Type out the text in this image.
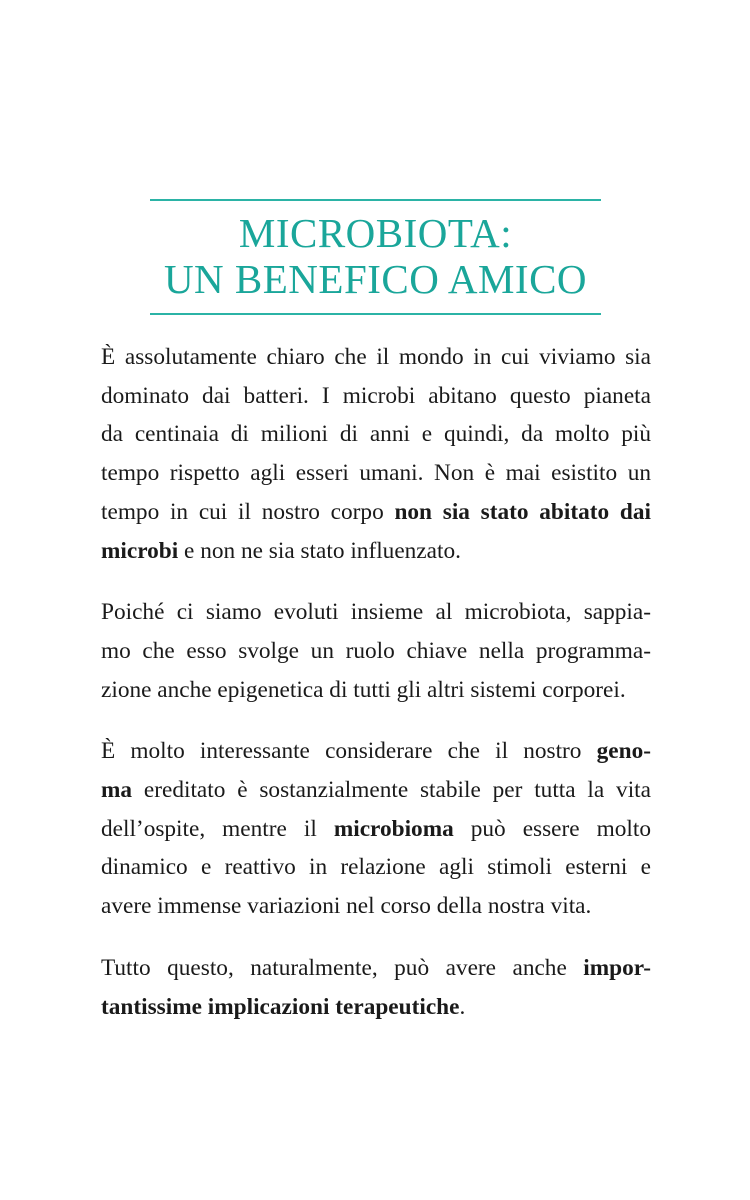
MICROBIOTA:
UN BENEFICO AMICO
È assolutamente chiaro che il mondo in cui viviamo sia
dominato dai batteri. I microbi abitano questo pianeta
da centinaia di milioni di anni e quindi, da molto più
tempo rispetto agli esseri umani. Non è mai esistito un
tempo in cui il nostro corpo non sia stato abitato dai
microbi e non ne sia stato influenzato.
Poiché ci siamo evoluti insieme al microbiota, sappia-
mo che esso svolge un ruolo chiave nella programma-
zione anche epigenetica di tutti gli altri sistemi corporei.
È molto interessante considerare che il nostro geno-
ma ereditato è sostanzialmente stabile per tutta la vita
dell’ospite, mentre il microbioma può essere molto
dinamico e reattivo in relazione agli stimoli esterni e
avere immense variazioni nel corso della nostra vita.
Tutto questo, naturalmente, può avere anche impor-
tantissime implicazioni terapeutiche.
